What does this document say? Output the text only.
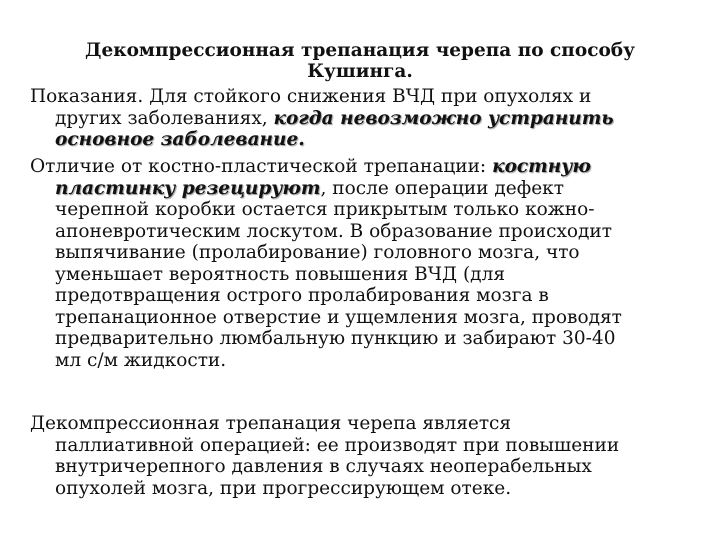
Декомпрессионная трепанация черепа по способу
Кушинга.
Показания. Для стойкого снижения ВЧД при опухолях и
других заболеваниях, когда невозможно устранить
основное заболевание.
Отличие от костно-пластической трепанации: костную
пластинку резецируют, после операции дефект
черепной коробки остается прикрытым только кожно-
апоневротическим лоскутом. В образование происходит
выпячивание (пролабирование) головного мозга, что
уменьшает вероятность повышения ВЧД (для
предотвращения острого пролабирования мозга в
трепанационное отверстие и ущемления мозга, проводят
предварительно люмбальную пункцию и забирают 30-40
мл с/м жидкости.
Декомпрессионная трепанация черепа является
паллиативной операцией: ее производят при повышении
внутричерепного давления в случаях неоперабельных
опухолей мозга, при прогрессирующем отеке.
